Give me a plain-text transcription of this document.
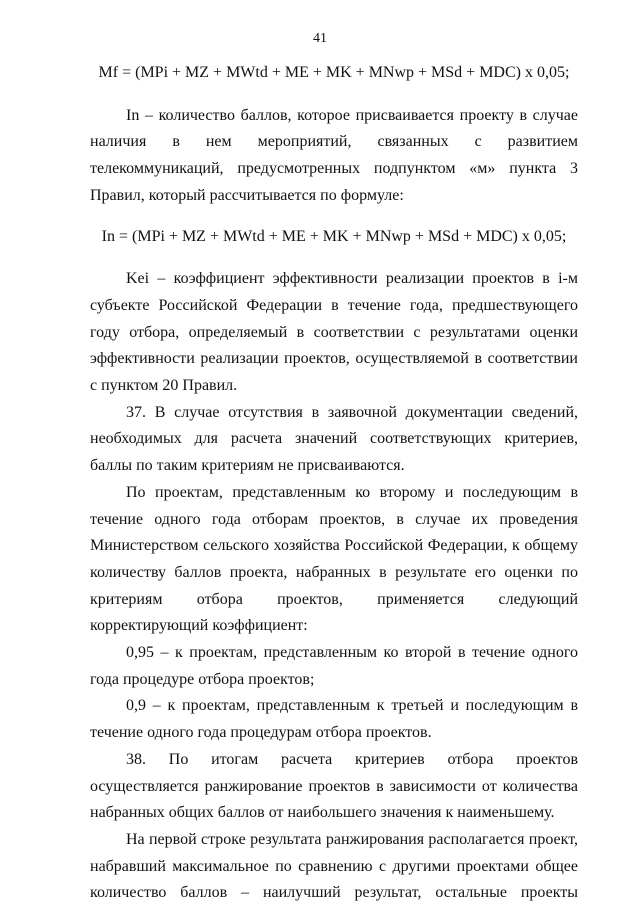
41
Mf = (MPi + MZ + MWtd + ME + MK + MNwp + MSd + MDC) x 0,05;

In – количество баллов, которое присваивается проекту в случае наличия в нем мероприятий, связанных с развитием телекоммуникаций, предусмотренных подпунктом «м» пункта 3 Правил, который рассчитывается по формуле:

In = (MPi + MZ + MWtd + ME + MK + MNwp + MSd + MDC) x 0,05;

Kei – коэффициент эффективности реализации проектов в i-м субъекте Российской Федерации в течение года, предшествующего году отбора, определяемый в соответствии с результатами оценки эффективности реализации проектов, осуществляемой в соответствии с пунктом 20 Правил.

37. В случае отсутствия в заявочной документации сведений, необходимых для расчета значений соответствующих критериев, баллы по таким критериям не присваиваются.

По проектам, представленным ко второму и последующим в течение одного года отборам проектов, в случае их проведения Министерством сельского хозяйства Российской Федерации, к общему количеству баллов проекта, набранных в результате его оценки по критериям отбора проектов, применяется следующий корректирующий коэффициент:

0,95 – к проектам, представленным ко второй в течение одного года процедуре отбора проектов;

0,9 – к проектам, представленным к третьей и последующим в течение одного года процедурам отбора проектов.

38. По итогам расчета критериев отбора проектов осуществляется ранжирование проектов в зависимости от количества набранных общих баллов от наибольшего значения к наименьшему.

На первой строке результата ранжирования располагается проект, набравший максимальное по сравнению с другими проектами общее количество баллов – наилучший результат, остальные проекты
